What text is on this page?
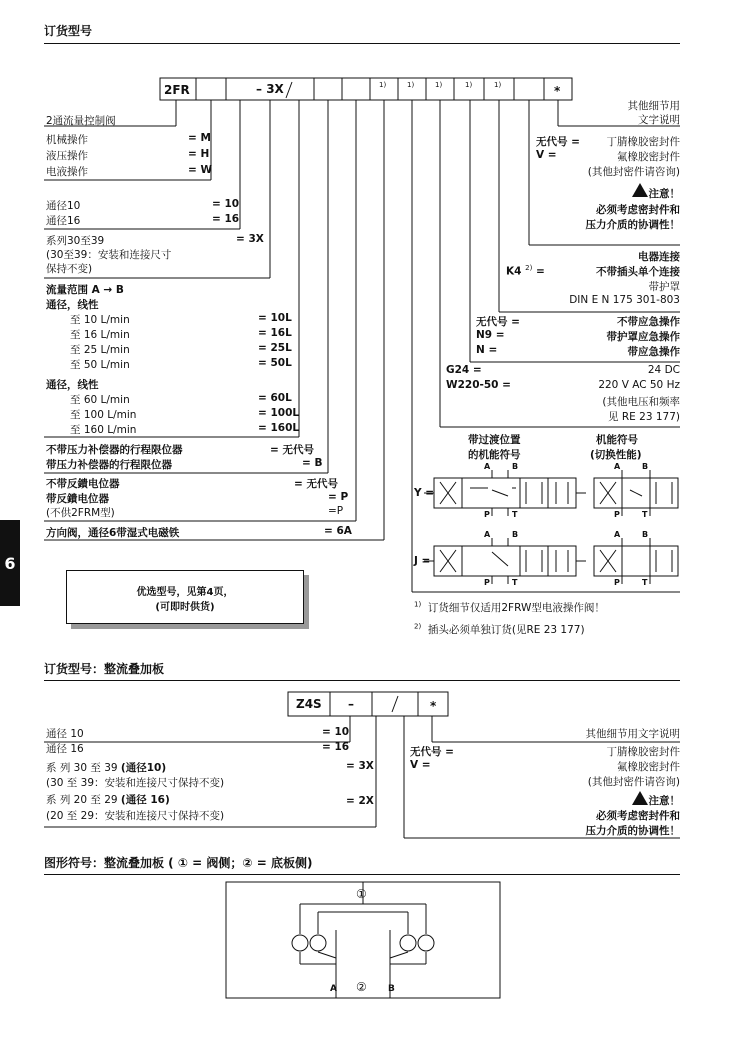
订货型号
2FR	– 3X	1)	1)	1)	1)	1)	*
2通流量控制阀
机械操作	= M
液压操作	= H
电液操作	= W
通径10	= 10
通径16	= 16
系列30至39	= 3X
(30至39：安装和连接尺寸
保持不变)
流量范围 A → B
通径，线性
至 10 L/min	= 10L
至 16 L/min	= 16L
至 25 L/min	= 25L
至 50 L/min	= 50L
通径，线性
至 60 L/min	= 60L
至 100 L/min	= 100L
至 160 L/min	= 160L
不带压力补偿器的行程限位器	= 无代号
带压力补偿器的行程限位器	= B
不带反鐀电位器	= 无代号
带反鐀电位器	= P
(不供2FRM型)	=P
方向阀，通径6带湿式电磁铁	= 6A
其他细节用
文字说明
无代号 =	丁腈橡胶密封件
V =	氟橡胶密封件
(其他封密件请咨询)
注意！
必须考虑密封件和
压力介质的协调性！
电器连接
K4 $^{2)}$ =	不带插头单个连接
带护罩
DIN E N 175 301-803
无代号 =	不带应急操作
N9 =	带护罩应急操作
N =	带应急操作
G24 =	24 DC
W220-50 =	220 V AC 50 Hz
(其他电压和频率
见 RE 23 177)
带过渡位置
的机能符号
机能符号
(切换性能)
Y =
J =
A	B
P	T
A	B
P	T
A	B
P	T
A	B
P	T
6
优选型号，见第4页，
(可即时供货)	$^{1)}$ 订货细节仅适用2FRW型电液操作阀！
$^{2)}$ 插头必须单独订货(见RE 23 177)
订货型号：整流叠加板
Z4S –	*
通径 10	= 10
通径 16	= 16
系 列 30 至 39 (通径10)	= 3X
(30 至 39：安装和连接尺寸保持不变)
系 列 20 至 29 (通径 16)	= 2X
(20 至 29：安装和连接尺寸保持不变)
其他细节用文字说明
无代号 =	丁腈橡胶密封件
V =	氟橡胶密封件
(其他封密件请咨询)
注意！
必须考虑密封件和
压力介质的协调性！
图形符号：整流叠加板 ( ① = 阀侧；② = 底板侧)
①
②
A	B
